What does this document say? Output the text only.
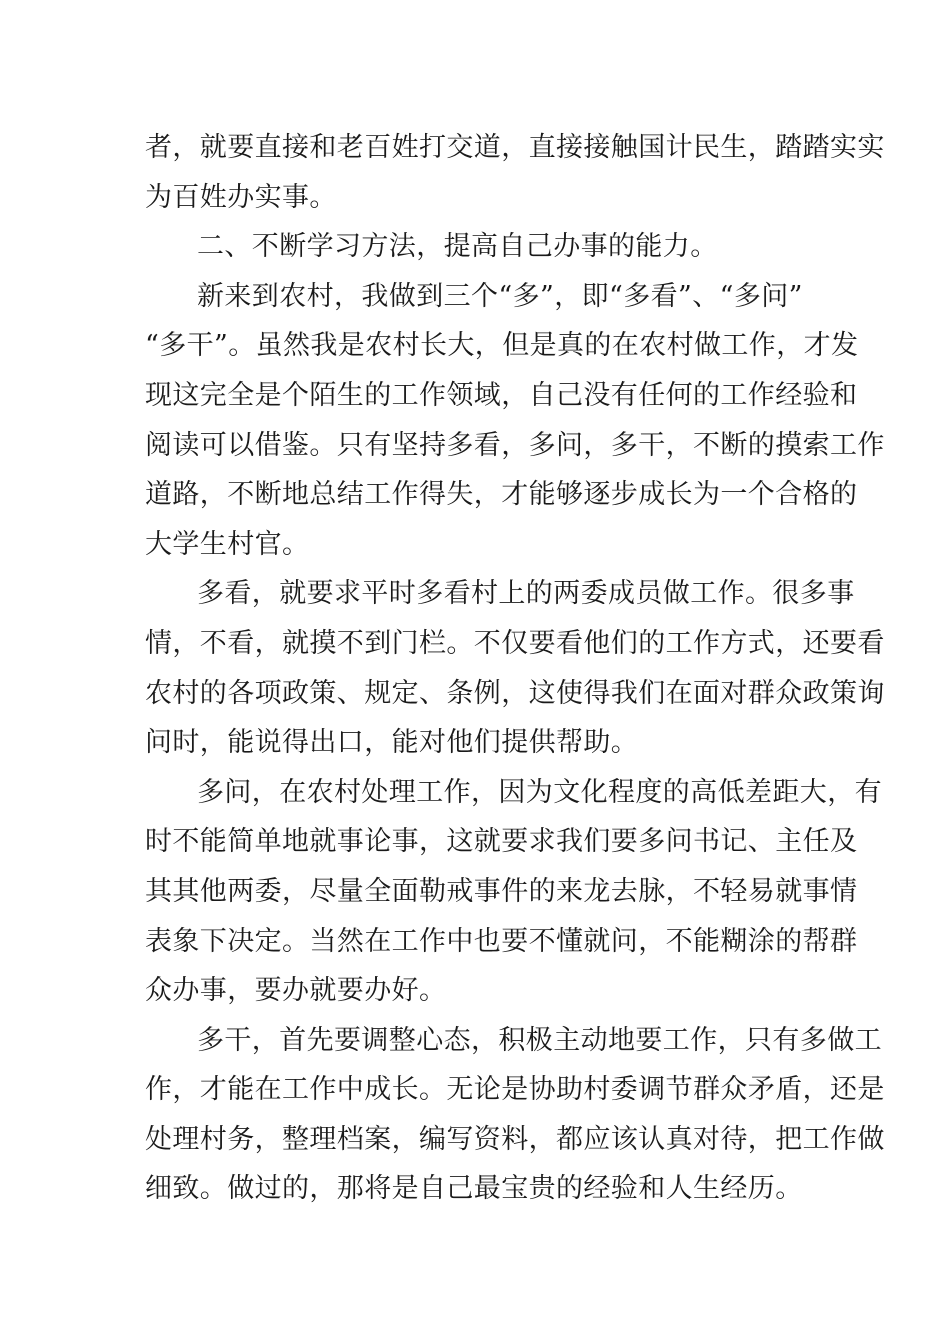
者，就要直接和老百姓打交道，直接接触国计民生，踏踏实实
为百姓办实事。
二、不断学习方法，提高自己办事的能力。
新来到农村，我做到三个“多”，即“多看”、“多问”
“多干”。虽然我是农村长大，但是真的在农村做工作，才发
现这完全是个陌生的工作领域，自己没有任何的工作经验和
阅读可以借鉴。只有坚持多看，多问，多干，不断的摸索工作
道路，不断地总结工作得失，才能够逐步成长为一个合格的
大学生村官。
多看，就要求平时多看村上的两委成员做工作。很多事
情，不看，就摸不到门栏。不仅要看他们的工作方式，还要看
农村的各项政策、规定、条例，这使得我们在面对群众政策询
问时，能说得出口，能对他们提供帮助。
多问，在农村处理工作，因为文化程度的高低差距大，有
时不能简单地就事论事，这就要求我们要多问书记、主任及
其其他两委，尽量全面勒戒事件的来龙去脉，不轻易就事情
表象下决定。当然在工作中也要不懂就问，不能糊涂的帮群
众办事，要办就要办好。
多干，首先要调整心态，积极主动地要工作，只有多做工
作，才能在工作中成长。无论是协助村委调节群众矛盾，还是
处理村务，整理档案，编写资料，都应该认真对待，把工作做
细致。做过的，那将是自己最宝贵的经验和人生经历。
